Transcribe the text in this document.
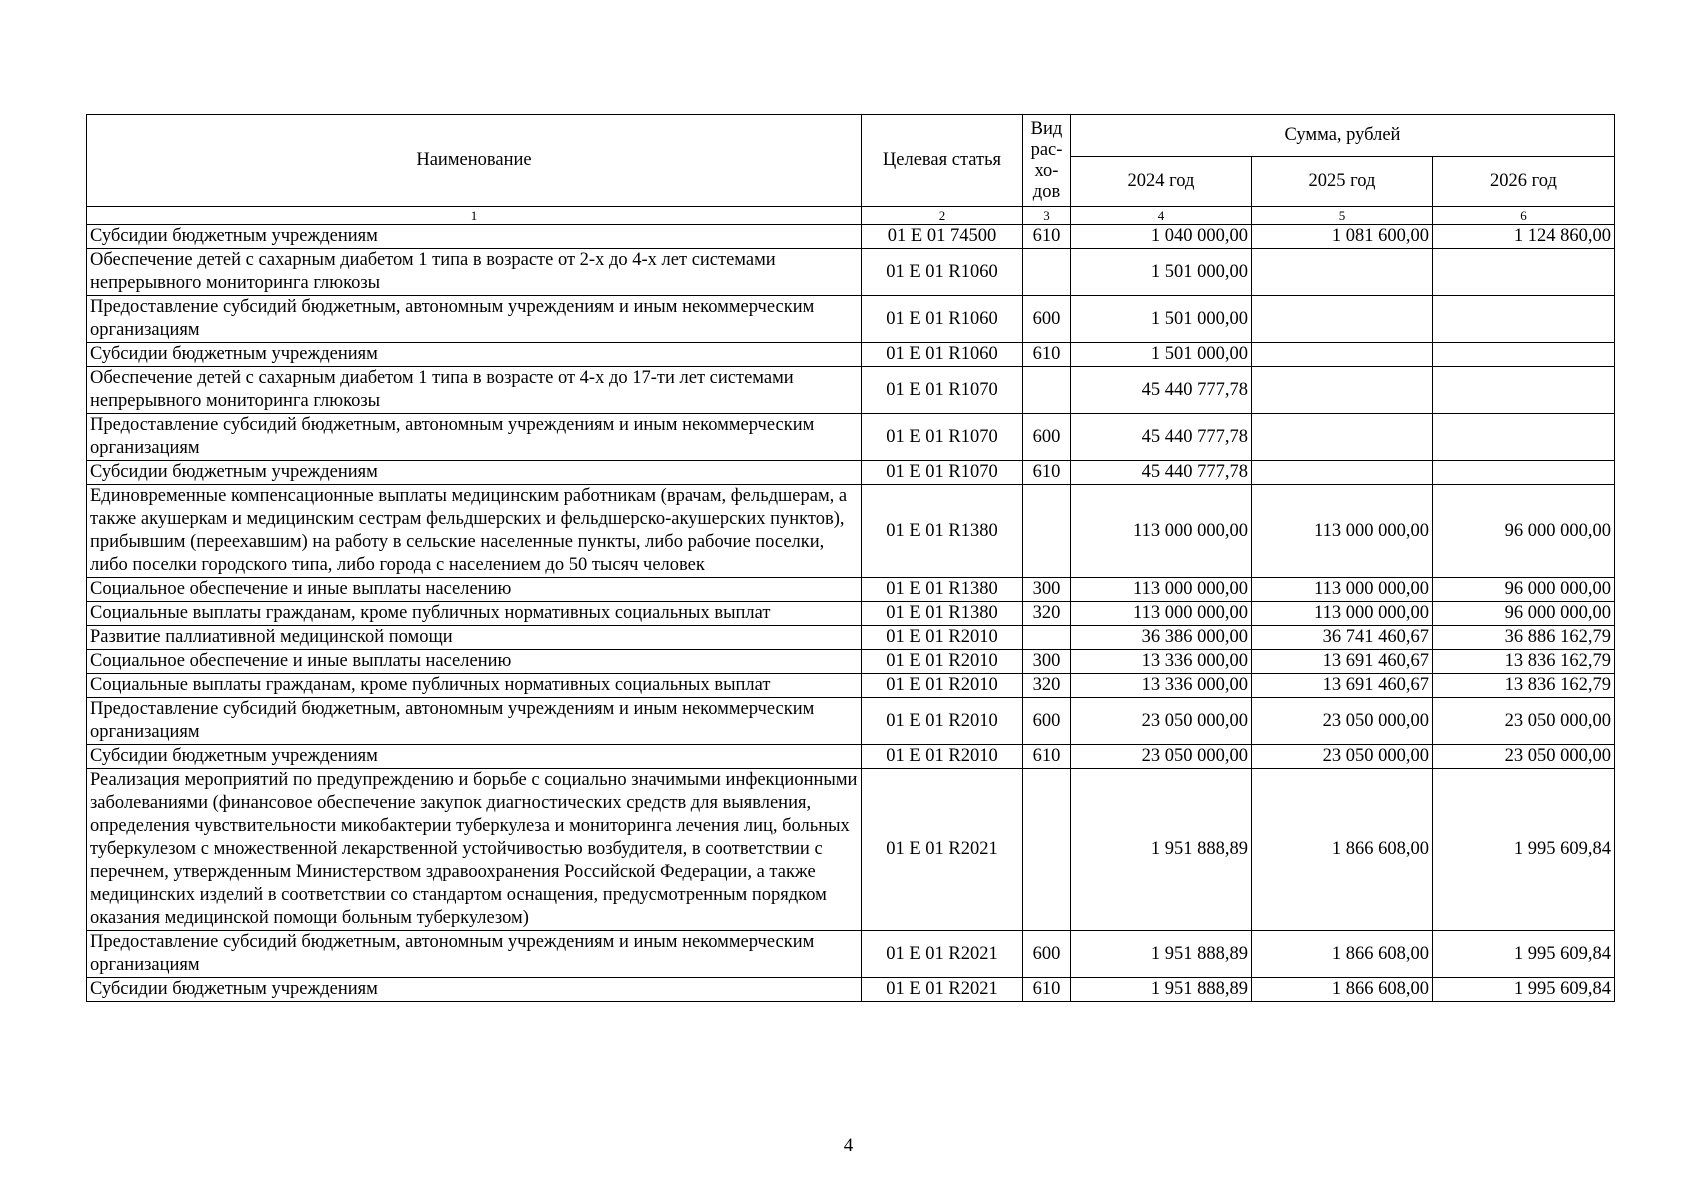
Наименование	Целевая статья	Вид
рас-
хо-
дов	Сумма, рублей		
			2024 год	2025 год	2026 год
1	2	3	4	5	6
Субсидии бюджетным учреждениям	01 Е 01 74500	610	1 040 000,00	1 081 600,00	1 124 860,00
Обеспечение детей с сахарным диабетом 1 типа в возрасте от 2-х до 4-х лет системами непрерывного мониторинга глюкозы	01 Е 01 R1060		1 501 000,00		
Предоставление субсидий бюджетным, автономным учреждениям и иным некоммерческим организациям	01 Е 01 R1060	600	1 501 000,00		
Субсидии бюджетным учреждениям	01 Е 01 R1060	610	1 501 000,00		
Обеспечение детей с сахарным диабетом 1 типа в возрасте от 4-х до 17-ти лет системами непрерывного мониторинга глюкозы	01 Е 01 R1070		45 440 777,78		
Предоставление субсидий бюджетным, автономным учреждениям и иным некоммерческим организациям	01 Е 01 R1070	600	45 440 777,78		
Субсидии бюджетным учреждениям	01 Е 01 R1070	610	45 440 777,78		
Единовременные компенсационные выплаты медицинским работникам (врачам, фельдшерам, а также акушеркам и медицинским сестрам фельдшерских и фельдшерско-акушерских пунктов), прибывшим (переехавшим) на работу в сельские населенные пункты, либо рабочие поселки, либо поселки городского типа, либо города с населением до 50 тысяч человек	01 Е 01 R1380		113 000 000,00	113 000 000,00	96 000 000,00
Социальное обеспечение и иные выплаты населению	01 Е 01 R1380	300	113 000 000,00	113 000 000,00	96 000 000,00
Социальные выплаты гражданам, кроме публичных нормативных социальных выплат	01 Е 01 R1380	320	113 000 000,00	113 000 000,00	96 000 000,00
Развитие паллиативной медицинской помощи	01 Е 01 R2010		36 386 000,00	36 741 460,67	36 886 162,79
Социальное обеспечение и иные выплаты населению	01 Е 01 R2010	300	13 336 000,00	13 691 460,67	13 836 162,79
Социальные выплаты гражданам, кроме публичных нормативных социальных выплат	01 Е 01 R2010	320	13 336 000,00	13 691 460,67	13 836 162,79
Предоставление субсидий бюджетным, автономным учреждениям и иным некоммерческим организациям	01 Е 01 R2010	600	23 050 000,00	23 050 000,00	23 050 000,00
Субсидии бюджетным учреждениям	01 Е 01 R2010	610	23 050 000,00	23 050 000,00	23 050 000,00
Реализация мероприятий по предупреждению и борьбе с социально значимыми инфекционными заболеваниями (финансовое обеспечение закупок диагностических средств для выявления, определения чувствительности микобактерии туберкулеза и мониторинга лечения лиц, больных туберкулезом с множественной лекарственной устойчивостью возбудителя, в соответствии с перечнем, утвержденным Министерством здравоохранения Российской Федерации, а также медицинских изделий в соответствии со стандартом оснащения, предусмотренным порядком оказания медицинской помощи больным туберкулезом)	01 Е 01 R2021		1 951 888,89	1 866 608,00	1 995 609,84
Предоставление субсидий бюджетным, автономным учреждениям и иным некоммерческим организациям	01 Е 01 R2021	600	1 951 888,89	1 866 608,00	1 995 609,84
Субсидии бюджетным учреждениям	01 Е 01 R2021	610	1 951 888,89	1 866 608,00	1 995 609,84
4
